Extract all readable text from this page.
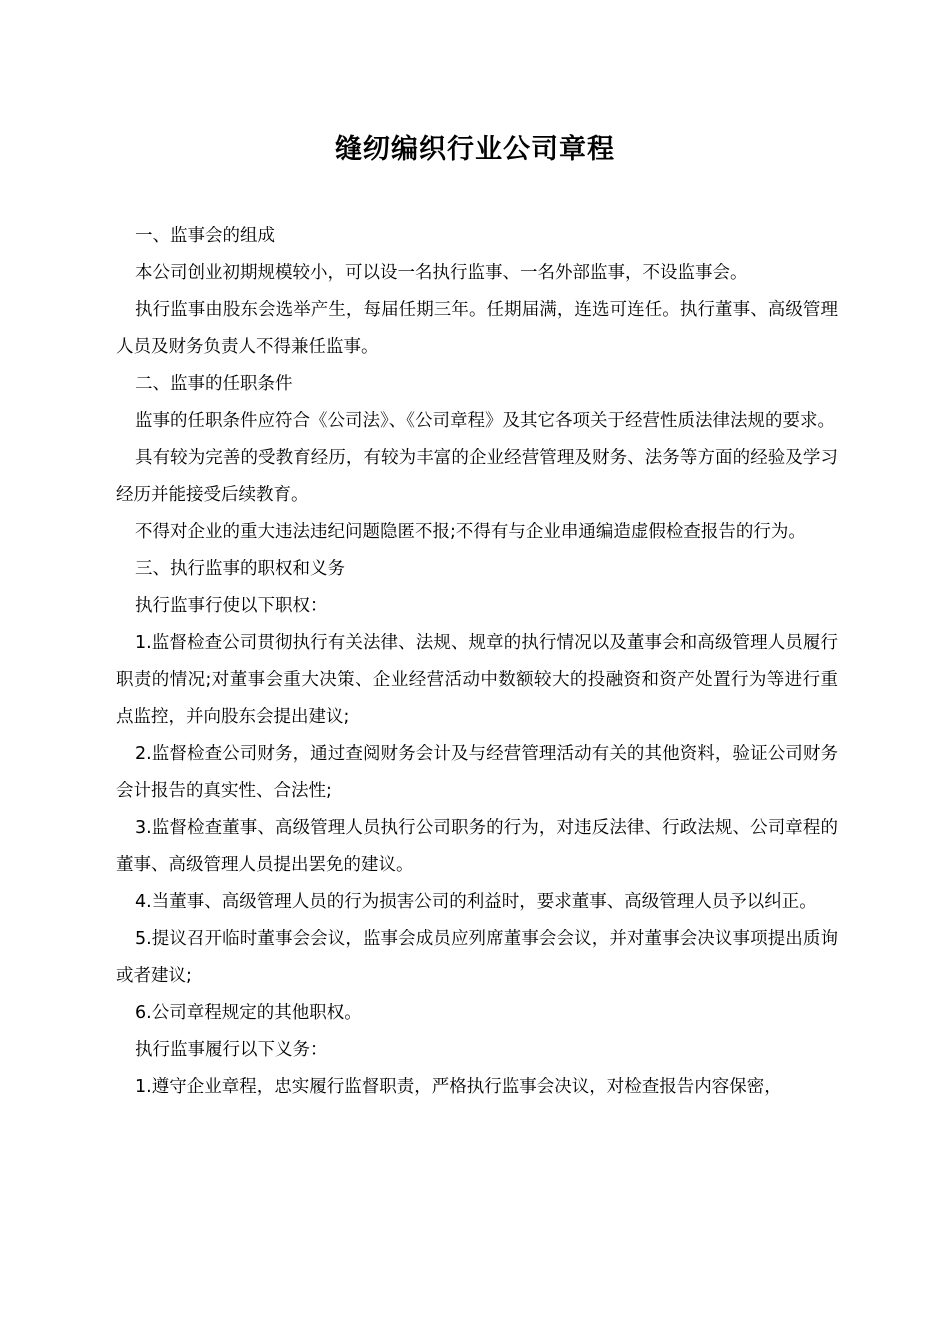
缝纫编织行业公司章程

一、监事会的组成

本公司创业初期规模较小，可以设一名执行监事、一名外部监事，不设监事会。

执行监事由股东会选举产生，每届任期三年。任期届满，连选可连任。执行董事、高级管理人员及财务负责人不得兼任监事。

二、监事的任职条件

监事的任职条件应符合《公司法》、《公司章程》及其它各项关于经营性质法律法规的要求。

具有较为完善的受教育经历，有较为丰富的企业经营管理及财务、法务等方面的经验及学习经历并能接受后续教育。

不得对企业的重大违法违纪问题隐匿不报;不得有与企业串通编造虚假检查报告的行为。

三、执行监事的职权和义务

执行监事行使以下职权：

1.监督检查公司贯彻执行有关法律、法规、规章的执行情况以及董事会和高级管理人员履行职责的情况;对董事会重大决策、企业经营活动中数额较大的投融资和资产处置行为等进行重点监控，并向股东会提出建议;

2.监督检查公司财务，通过查阅财务会计及与经营管理活动有关的其他资料，验证公司财务会计报告的真实性、合法性;

3.监督检查董事、高级管理人员执行公司职务的行为，对违反法律、行政法规、公司章程的董事、高级管理人员提出罢免的建议。

4.当董事、高级管理人员的行为损害公司的利益时，要求董事、高级管理人员予以纠正。

5.提议召开临时董事会会议，监事会成员应列席董事会会议，并对董事会决议事项提出质询或者建议;

6.公司章程规定的其他职权。

执行监事履行以下义务：

1.遵守企业章程，忠实履行监督职责，严格执行监事会决议，对检查报告内容保密，
